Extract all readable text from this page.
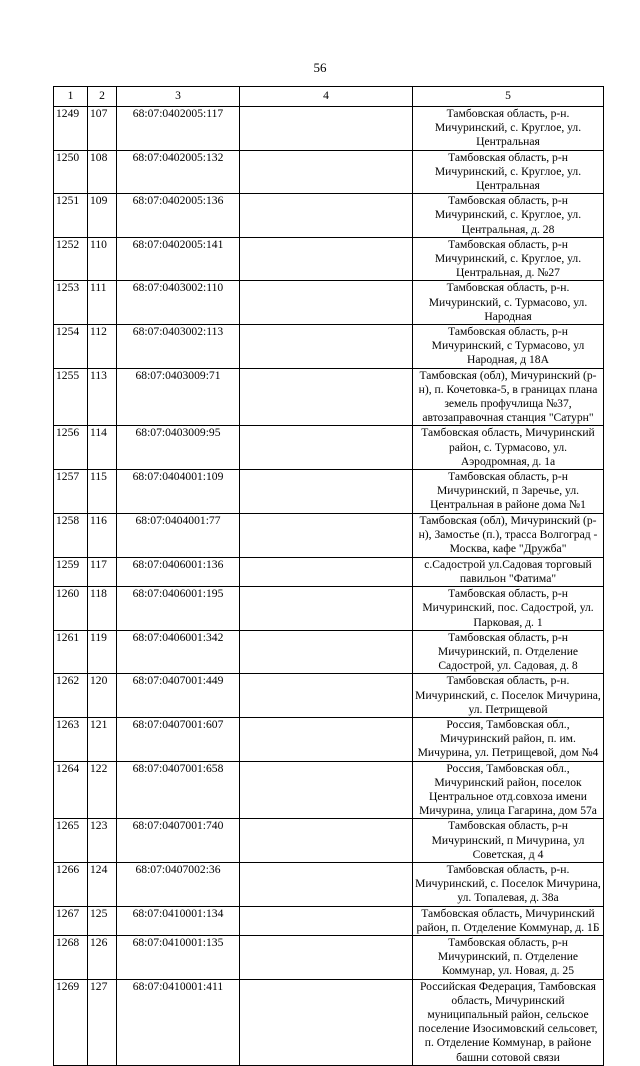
56
1	2	3	4	5
1249	107	68:07:0402005:117		Тамбовская область, р-н. Мичуринский, с. Круглое, ул. Центральная
1250	108	68:07:0402005:132		Тамбовская область, р-н Мичуринский, с. Круглое, ул. Центральная
1251	109	68:07:0402005:136		Тамбовская область, р-н Мичуринский, с. Круглое, ул. Центральная, д. 28
1252	110	68:07:0402005:141		Тамбовская область, р-н Мичуринский, с. Круглое, ул. Центральная, д. №27
1253	111	68:07:0403002:110		Тамбовская область, р-н. Мичуринский, с. Турмасово, ул. Народная
1254	112	68:07:0403002:113		Тамбовская область, р-н Мичуринский, с Турмасово, ул Народная, д 18А
1255	113	68:07:0403009:71		Тамбовская (обл), Мичуринский (р-н), п. Кочетовка-5, в границах плана земель профучлища №37, автозаправочная станция "Сатурн"
1256	114	68:07:0403009:95		Тамбовская область, Мичуринский район, с. Турмасово, ул. Аэродромная, д. 1а
1257	115	68:07:0404001:109		Тамбовская область, р-н Мичуринский, п Заречье, ул. Центральная в районе дома №1
1258	116	68:07:0404001:77		Тамбовская (обл), Мичуринский (р-н), Замостье (п.), трасса Волгоград - Москва, кафе "Дружба"
1259	117	68:07:0406001:136		с.Садострой ул.Садовая торговый павильон "Фатима"
1260	118	68:07:0406001:195		Тамбовская область, р-н Мичуринский, пос. Садострой, ул. Парковая, д. 1
1261	119	68:07:0406001:342		Тамбовская область, р-н Мичуринский, п. Отделение Садострой, ул. Садовая, д. 8
1262	120	68:07:0407001:449		Тамбовская область, р-н. Мичуринский, с. Поселок Мичурина, ул. Петрищевой
1263	121	68:07:0407001:607		Россия, Тамбовская обл., Мичуринский район, п. им. Мичурина, ул. Петрищевой, дом №4
1264	122	68:07:0407001:658		Россия, Тамбовская обл., Мичуринский район, поселок Центральное отд.совхоза имени Мичурина, улица Гагарина, дом 57а
1265	123	68:07:0407001:740		Тамбовская область, р-н Мичуринский, п Мичурина, ул Советская, д 4
1266	124	68:07:0407002:36		Тамбовская область, р-н. Мичуринский, с. Поселок Мичурина, ул. Топалевая, д. 38а
1267	125	68:07:0410001:134		Тамбовская область, Мичуринский район, п. Отделение Коммунар, д. 1Б
1268	126	68:07:0410001:135		Тамбовская область, р-н Мичуринский, п. Отделение Коммунар, ул. Новая, д. 25
1269	127	68:07:0410001:411		Российская Федерация, Тамбовская область, Мичуринский муниципальный район, сельское поселение Изосимовский сельсовет, п. Отделение Коммунар, в районе башни сотовой связи
